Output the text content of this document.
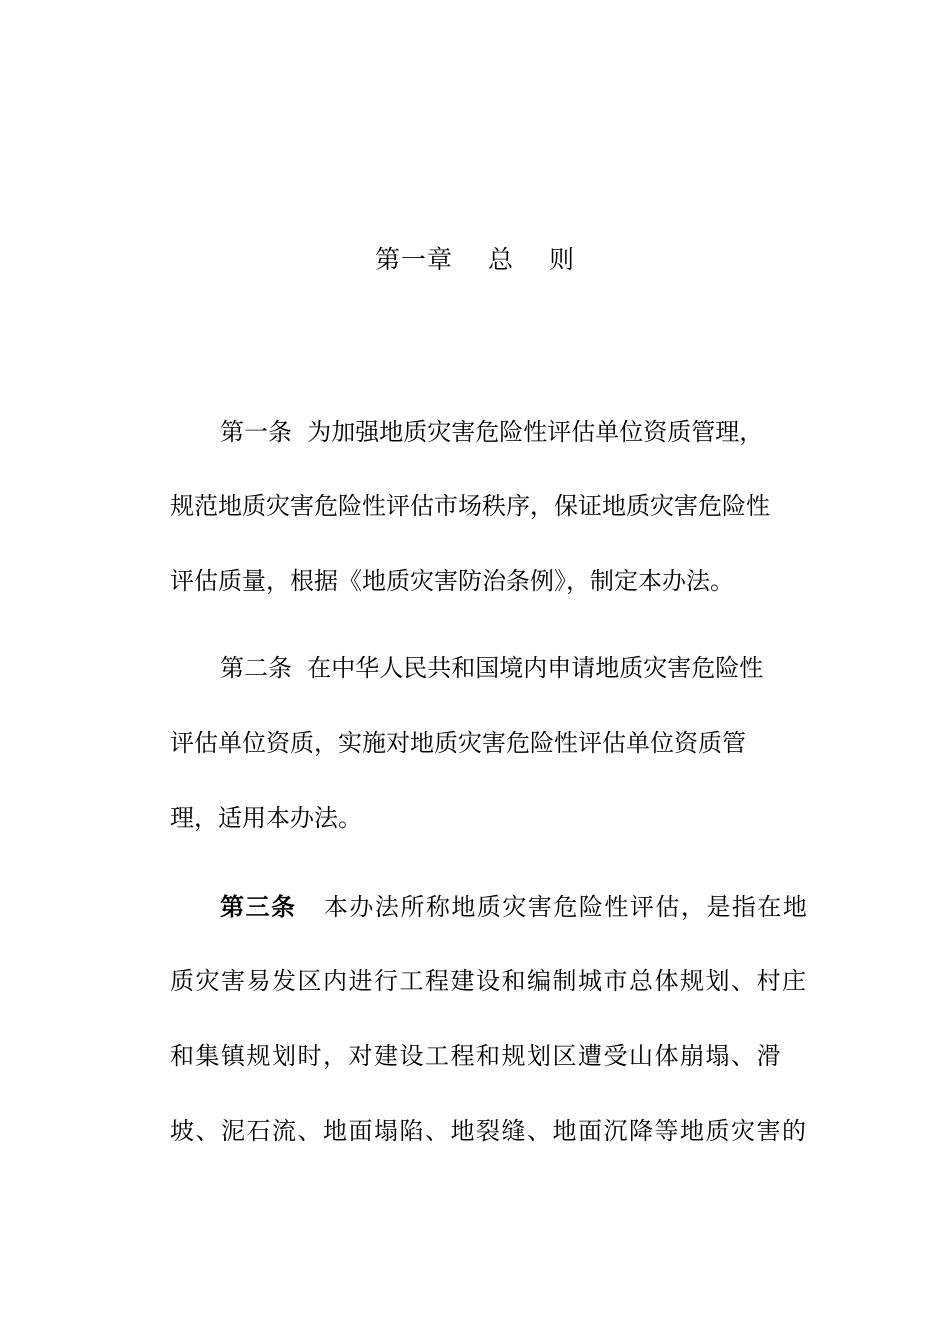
第一章　 总　 则
第一条 为加强地质灾害危险性评估单位资质管理，
规范地质灾害危险性评估市场秩序，保证地质灾害危险性
评估质量，根据《地质灾害防治条例》，制定本办法。
第二条 在中华人民共和国境内申请地质灾害危险性
评估单位资质，实施对地质灾害危险性评估单位资质管
理，适用本办法。
第三条 本办法所称地质灾害危险性评估，是指在地
质灾害易发区内进行工程建设和编制城市总体规划、村庄
和集镇规划时，对建设工程和规划区遭受山体崩塌、滑
坡、泥石流、地面塌陷、地裂缝、地面沉降等地质灾害的
